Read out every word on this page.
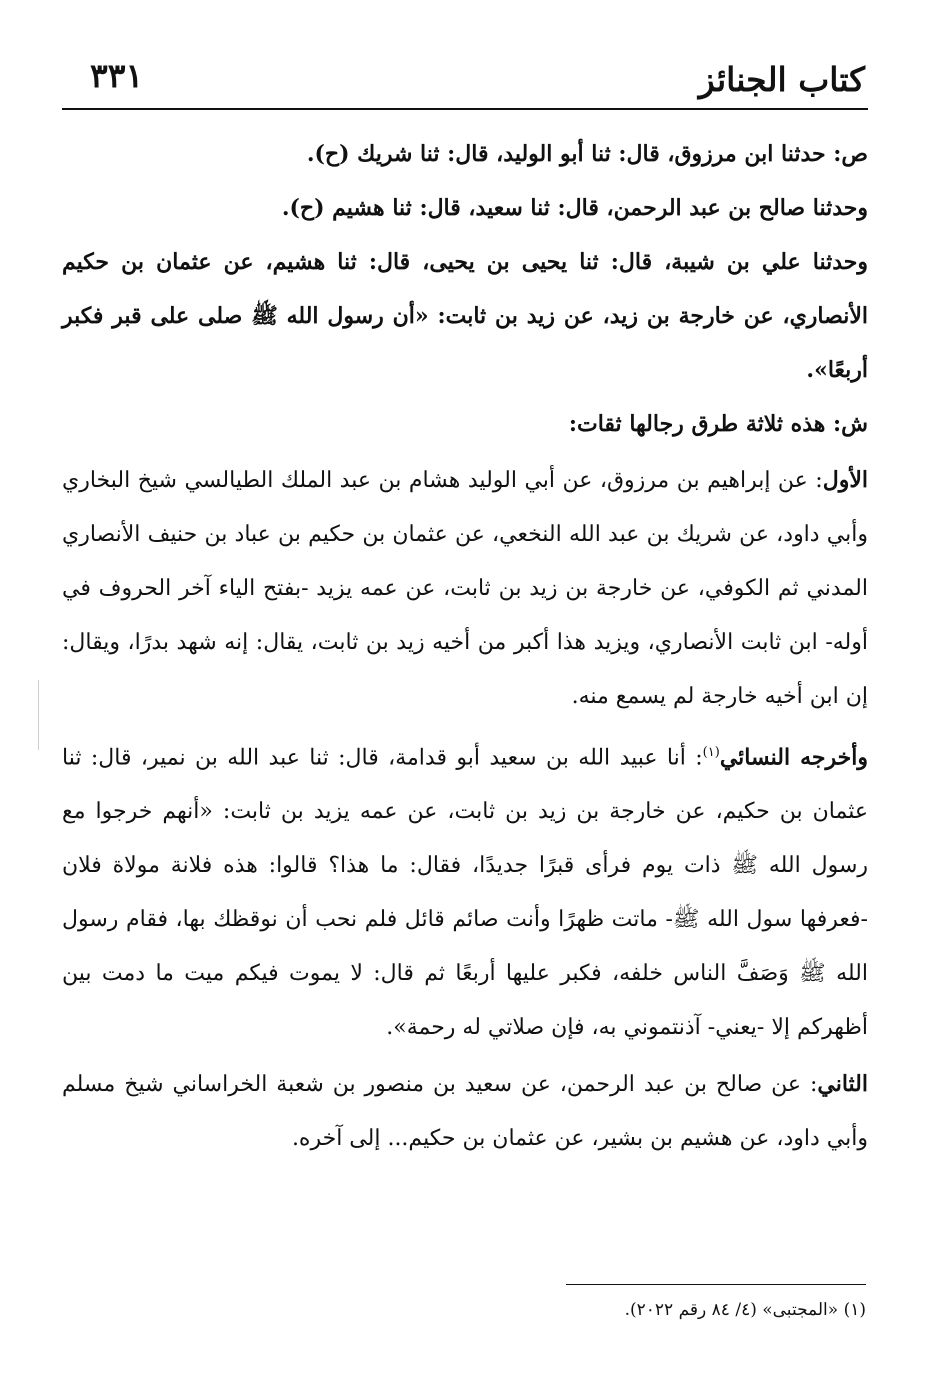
كتاب الجنائز
٣٣١

ص: حدثنا ابن مرزوق، قال: ثنا أبو الوليد، قال: ثنا شريك (ح).

وحدثنا صالح بن عبد الرحمن، قال: ثنا سعيد، قال: ثنا هشيم (ح).

وحدثنا علي بن شيبة، قال: ثنا يحيى بن يحيى، قال: ثنا هشيم، عن عثمان بن حكيم الأنصاري، عن خارجة بن زيد، عن زيد بن ثابت: «أن رسول الله ﷺ صلى على قبر فكبر أربعًا».

ش: هذه ثلاثة طرق رجالها ثقات:

الأول: عن إبراهيم بن مرزوق، عن أبي الوليد هشام بن عبد الملك الطيالسي شيخ البخاري وأبي داود، عن شريك بن عبد الله النخعي، عن عثمان بن حكيم بن عباد بن حنيف الأنصاري المدني ثم الكوفي، عن خارجة بن زيد بن ثابت، عن عمه يزيد -بفتح الياء آخر الحروف في أوله- ابن ثابت الأنصاري، ويزيد هذا أكبر من أخيه زيد بن ثابت، يقال: إنه شهد بدرًا، ويقال: إن ابن أخيه خارجة لم يسمع منه.

وأخرجه النسائي$^{(١)}$: أنا عبيد الله بن سعيد أبو قدامة، قال: ثنا عبد الله بن نمير، قال: ثنا عثمان بن حكيم، عن خارجة بن زيد بن ثابت، عن عمه يزيد بن ثابت: «أنهم خرجوا مع رسول الله ﷺ ذات يوم فرأى قبرًا جديدًا، فقال: ما هذا؟ قالوا: هذه فلانة مولاة فلان -فعرفها سول الله ﷺ- ماتت ظهرًا وأنت صائم قائل فلم نحب أن نوقظك بها، فقام رسول الله ﷺ وَصَفَّ الناس خلفه، فكبر عليها أربعًا ثم قال: لا يموت فيكم ميت ما دمت بين أظهركم إلا -يعني- آذنتموني به، فإن صلاتي له رحمة».

الثاني: عن صالح بن عبد الرحمن، عن سعيد بن منصور بن شعبة الخراساني شيخ مسلم وأبي داود، عن هشيم بن بشير، عن عثمان بن حكيم... إلى آخره.

(١) «المجتبى» (٤/ ٨٤ رقم ٢٠٢٢).
